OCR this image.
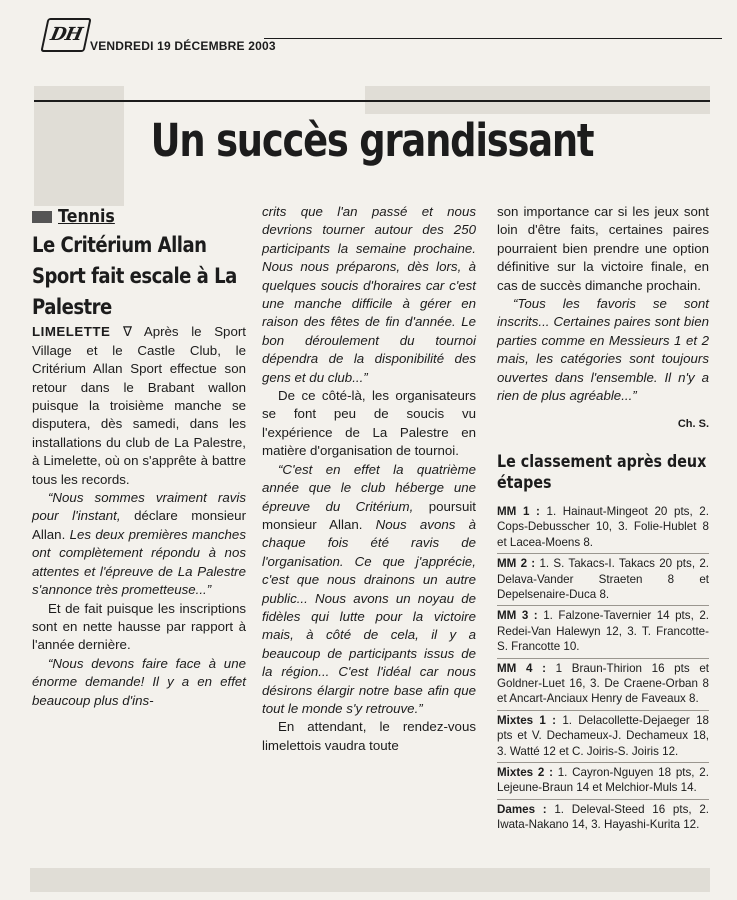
DH
VENDREDI 19 DÉCEMBRE 2003
Un succès grandissant
Tennis
Le Critérium Allan Sport fait escale à La Palestre

LIMELETTE ∇ Après le Sport Village et le Castle Club, le Critérium Allan Sport effectue son retour dans le Brabant wallon puisque la troisième manche se disputera, dès samedi, dans les installations du club de La Palestre, à Limelette, où on s'apprête à battre tous les records.

“Nous sommes vraiment ravis pour l'instant, déclare monsieur Allan. Les deux premières manches ont complètement répondu à nos attentes et l'épreuve de La Palestre s'annonce très prometteuse...”

Et de fait puisque les inscriptions sont en nette hausse par rapport à l'année dernière.

“Nous devons faire face à une énorme demande! Il y a en effet beaucoup plus d'ins-

crits que l'an passé et nous devrions tourner autour des 250 participants la semaine prochaine. Nous nous préparons, dès lors, à quelques soucis d'horaires car c'est une manche difficile à gérer en raison des fêtes de fin d'année. Le bon déroulement du tournoi dépendra de la disponibilité des gens et du club...”

De ce côté-là, les organisateurs se font peu de soucis vu l'expérience de La Palestre en matière d'organisation de tournoi.

“C'est en effet la quatrième année que le club héberge une épreuve du Critérium, poursuit monsieur Allan. Nous avons à chaque fois été ravis de l'organisation. Ce que j'apprécie, c'est que nous drainons un autre public... Nous avons un noyau de fidèles qui lutte pour la victoire mais, à côté de cela, il y a beaucoup de participants issus de la région... C'est l'idéal car nous désirons élargir notre base afin que tout le monde s'y retrouve.”

En attendant, le rendez-vous limelettois vaudra toute

son importance car si les jeux sont loin d'être faits, certaines paires pourraient bien prendre une option définitive sur la victoire finale, en cas de succès dimanche prochain.

“Tous les favoris se sont inscrits... Certaines paires sont bien parties comme en Messieurs 1 et 2 mais, les catégories sont toujours ouvertes dans l'ensemble. Il n'y a rien de plus agréable...”

Ch. S.
Le classement après deux étapes
MM 1 : 1. Hainaut-Mingeot 20 pts, 2. Cops-Debusscher 10, 3. Folie-Hublet 8 et Lacea-Moens 8.
MM 2 : 1. S. Takacs-I. Takacs 20 pts, 2. Delava-Vander Straeten 8 et Depelsenaire-Duca 8.
MM 3 : 1. Falzone-Tavernier 14 pts, 2. Redei-Van Halewyn 12, 3. T. Francotte-S. Francotte 10.
MM 4 : 1 Braun-Thirion 16 pts et Goldner-Luet 16, 3. De Craene-Orban 8 et Ancart-Anciaux Henry de Faveaux 8.
Mixtes 1 : 1. Delacollette-Dejaeger 18 pts et V. Dechameux-J. Dechameux 18, 3. Watté 12 et C. Joiris-S. Joiris 12.
Mixtes 2 : 1. Cayron-Nguyen 18 pts, 2. Lejeune-Braun 14 et Melchior-Muls 14.
Dames : 1. Deleval-Steed 16 pts, 2. Iwata-Nakano 14, 3. Hayashi-Kurita 12.
